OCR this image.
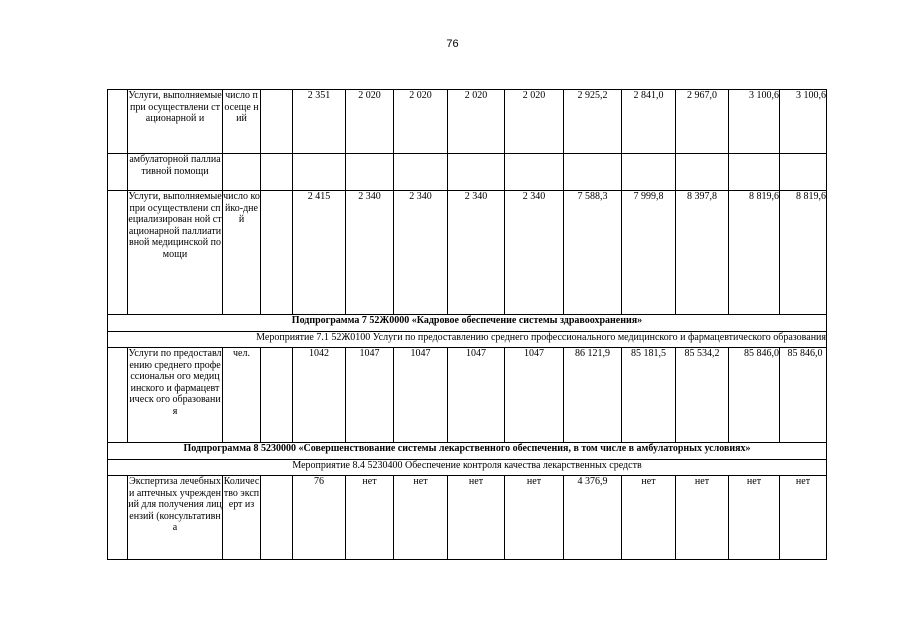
76
	Услуги, выполняемые при осуществлени стационарной и	число посеще ний		2 351	2 020	2 020	2 020	2 020	2 925,2	2 841,0	2 967,0	3 100,6	3 100,6
	амбулаторной паллиативной помощи												
	Услуги, выполняемые при осуществлени специализирован ной стационарной паллиативной медицинской помощи	число койко-дней		2 415	2 340	2 340	2 340	2 340	7 588,3	7 999,8	8 397,8	8 819,6	8 819,6
Подпрограмма 7 52Ж0000 «Кадровое обеспечение системы здравоохранения»													
Мероприятие 7.1 52Ж0100 Услуги по предоставлению среднего профессионального медицинского и фармацевтического образования													
	Услуги по предоставлению среднего профессиональн ого медицинского и фармацевтическ ого образования	чел.		1042	1047	1047	1047	1047	86 121,9	85 181,5	85 534,2	85 846,0	85 846,0
Подпрограмма 8 5230000 «Совершенствование системы лекарственного обеспечения, в том числе в амбулаторных условиях»													
Мероприятие 8.4 5230400 Обеспечение контроля качества лекарственных средств													
	Экспертиза лечебных и аптечных учреждений для получения лицензий (консультативна	Количес тво эксперт из		76	нет	нет	нет	нет	4 376,9	нет	нет	нет	нет
